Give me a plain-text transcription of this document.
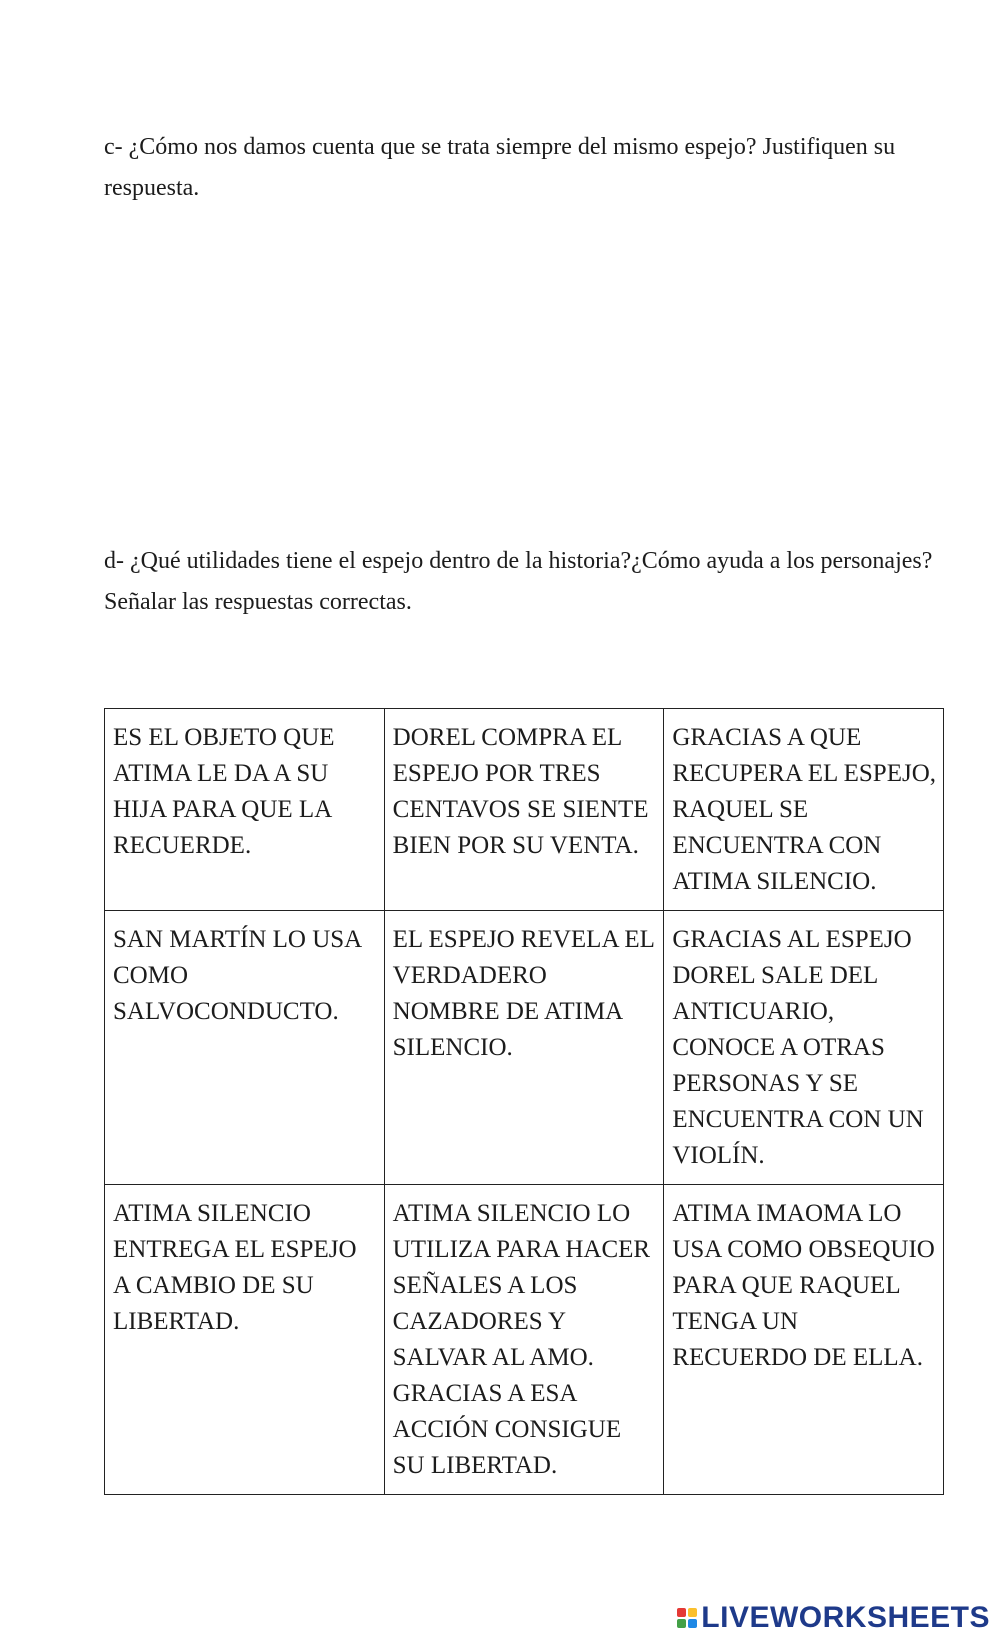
c- ¿Cómo nos damos cuenta que se trata siempre del mismo espejo? Justifiquen su respuesta.

d- ¿Qué utilidades tiene el espejo dentro de la historia?¿Cómo ayuda a los personajes? Señalar las respuestas correctas.

ES EL OBJETO QUE ATIMA LE DA A SU HIJA PARA QUE LA RECUERDE.	DOREL COMPRA EL ESPEJO POR TRES CENTAVOS SE SIENTE BIEN POR SU VENTA.	GRACIAS A QUE RECUPERA EL ESPEJO, RAQUEL SE ENCUENTRA CON ATIMA SILENCIO.
SAN MARTÍN LO USA COMO SALVOCONDUCTO.	EL ESPEJO REVELA EL VERDADERO NOMBRE DE ATIMA SILENCIO.	GRACIAS AL ESPEJO DOREL SALE DEL ANTICUARIO, CONOCE A OTRAS PERSONAS Y SE ENCUENTRA CON UN VIOLÍN.
ATIMA SILENCIO ENTREGA EL ESPEJO A CAMBIO DE SU LIBERTAD.	ATIMA SILENCIO LO UTILIZA PARA HACER SEÑALES A LOS CAZADORES Y SALVAR AL AMO. GRACIAS A ESA ACCIÓN CONSIGUE SU LIBERTAD.	ATIMA IMAOMA LO USA COMO OBSEQUIO PARA QUE RAQUEL TENGA UN RECUERDO DE ELLA.
LIVEWORKSHEETS
